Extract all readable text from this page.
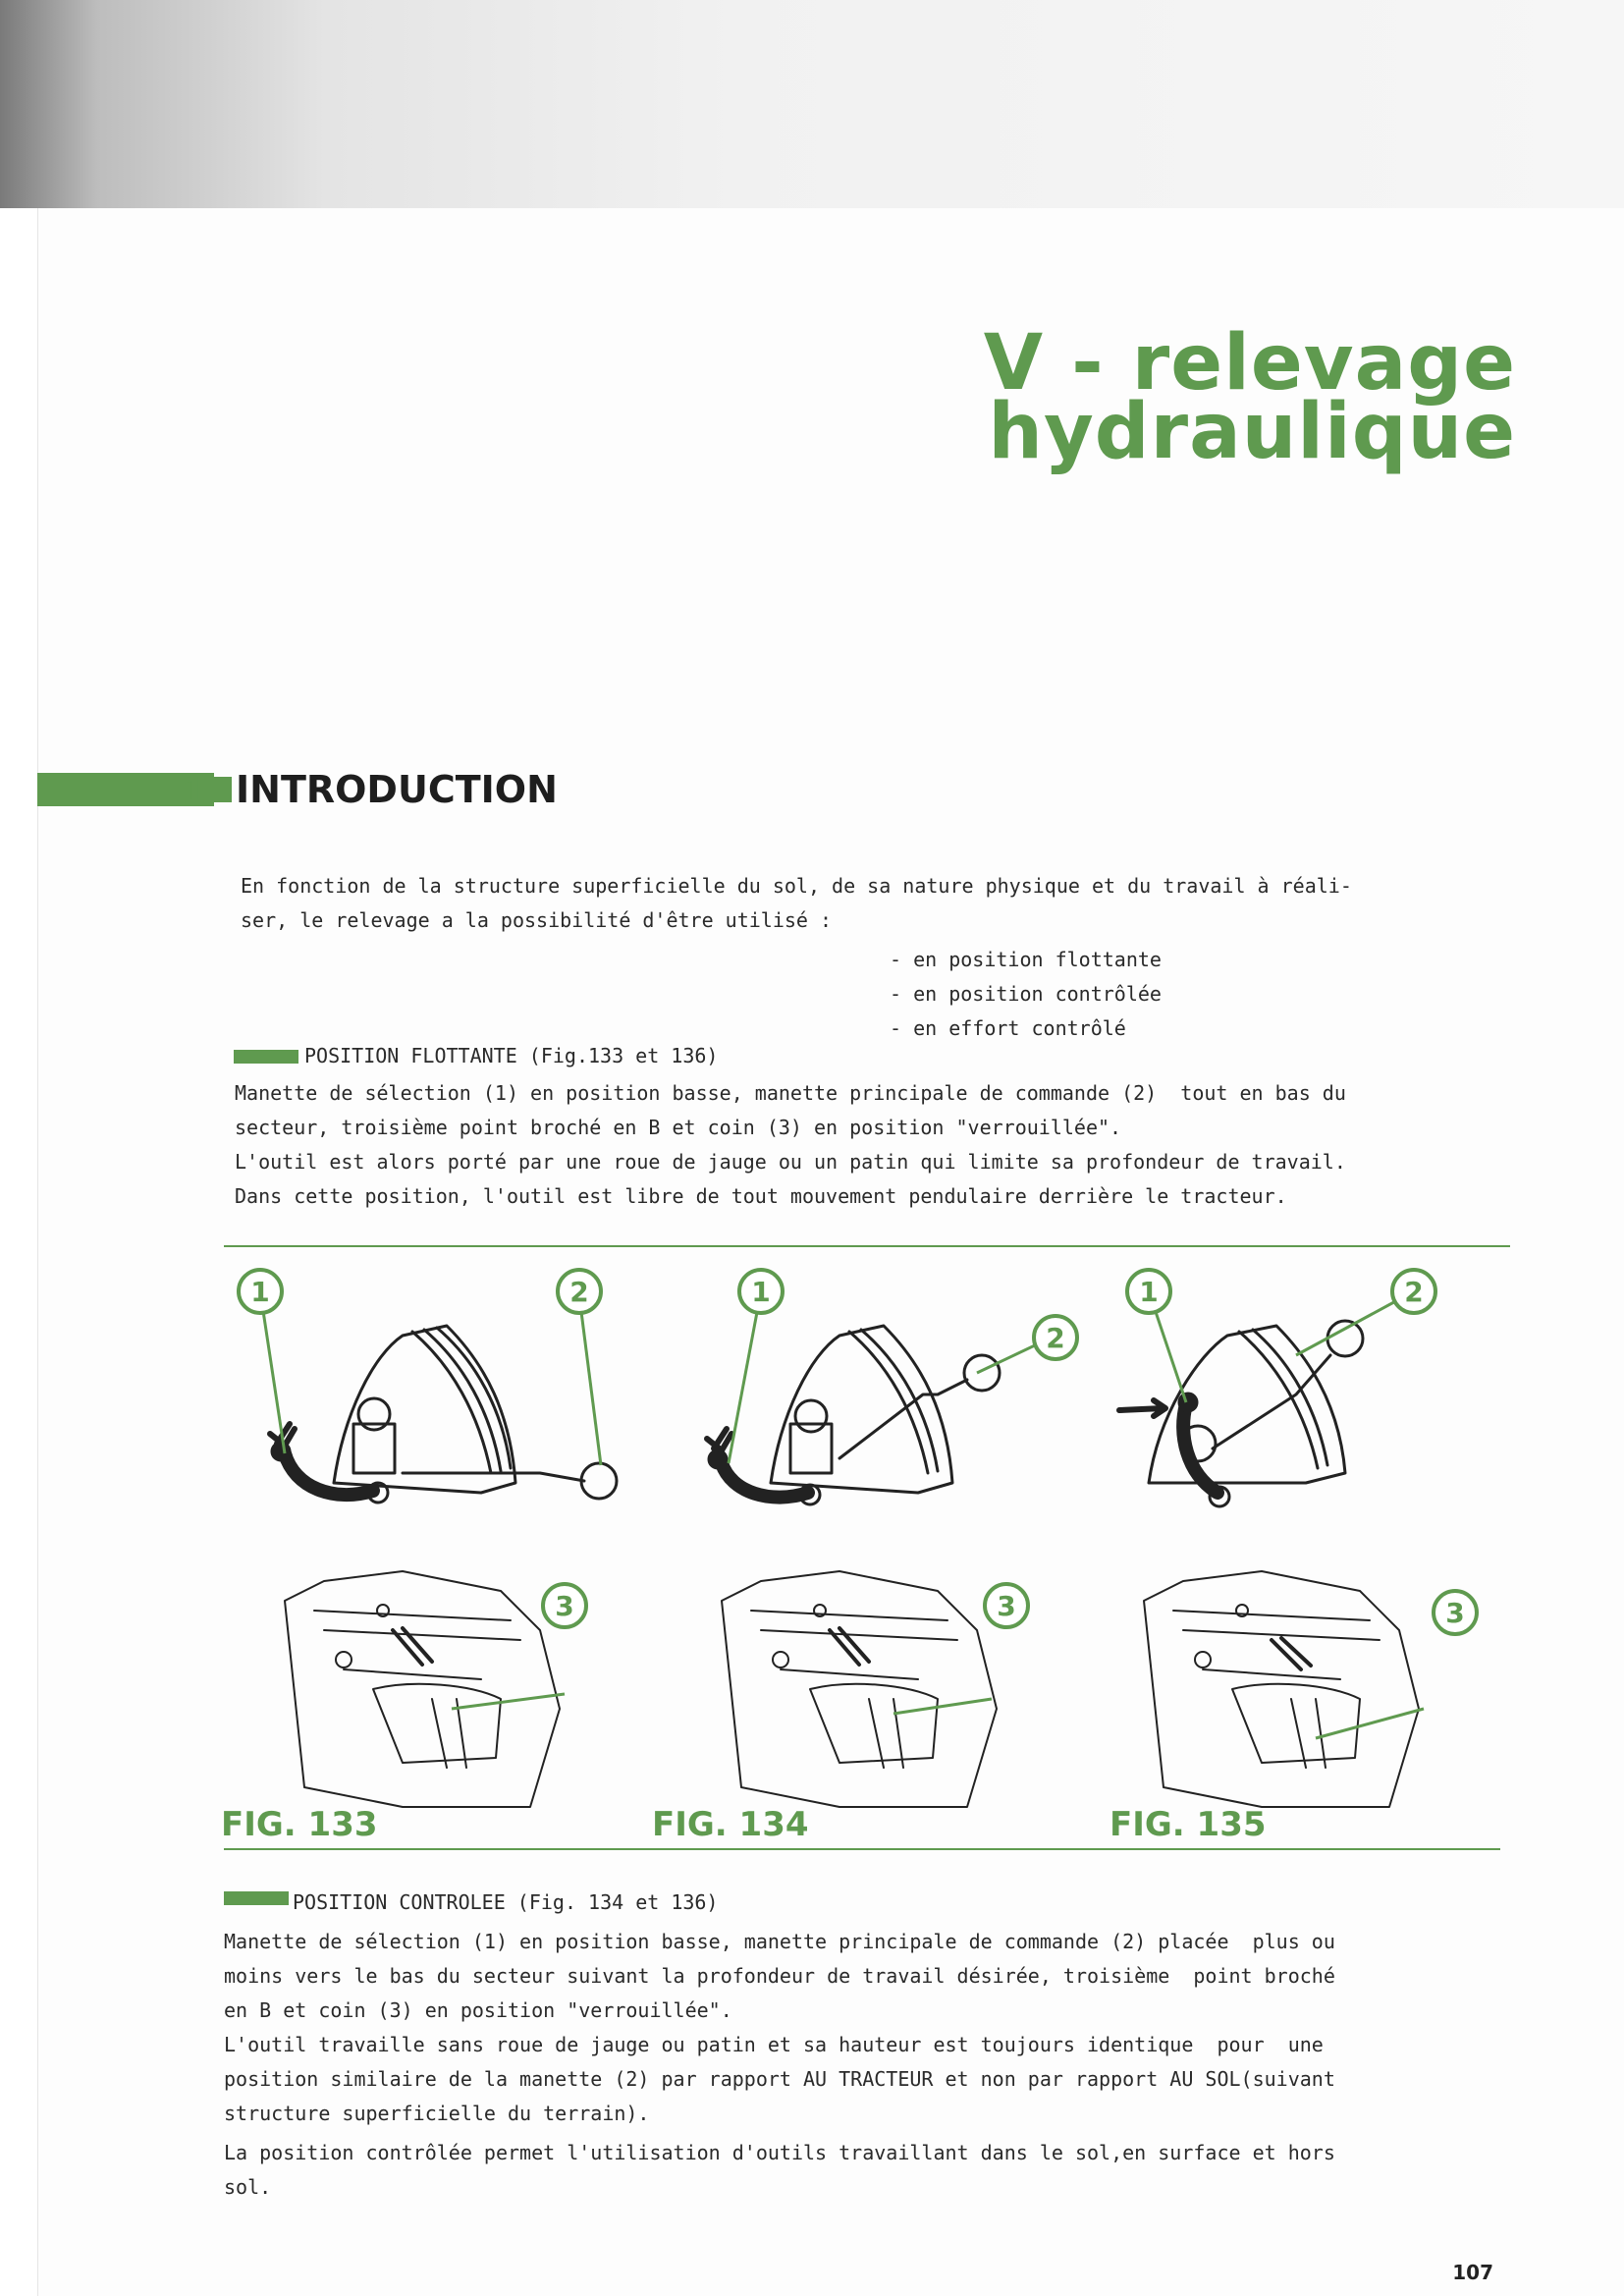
V - relevage
hydraulique
1 INTRODUCTION
En fonction de la structure superficielle du sol, de sa nature physique et du travail à réali-
ser, le relevage a la possibilité d'être utilisé :
- en position flottante
- en position contrôlée
- en effort contrôlé
POSITION FLOTTANTE (Fig.133 et 136)
Manette de sélection (1) en position basse, manette principale de commande (2)  tout en bas du
secteur, troisième point broché en B et coin (3) en position "verrouillée".
L'outil est alors porté par une roue de jauge ou un patin qui limite sa profondeur de travail.
Dans cette position, l'outil est libre de tout mouvement pendulaire derrière le tracteur.
1	2	1
2
1	2
3	3	3
FIG. 133	FIG. 134	FIG. 135
POSITION CONTROLEE (Fig. 134 et 136)
Manette de sélection (1) en position basse, manette principale de commande (2) placée  plus ou
moins vers le bas du secteur suivant la profondeur de travail désirée, troisième  point broché
en B et coin (3) en position "verrouillée".
L'outil travaille sans roue de jauge ou patin et sa hauteur est toujours identique  pour  une
position similaire de la manette (2) par rapport AU TRACTEUR et non par rapport AU SOL(suivant
structure superficielle du terrain).
La position contrôlée permet l'utilisation d'outils travaillant dans le sol,en surface et hors
sol.
107
